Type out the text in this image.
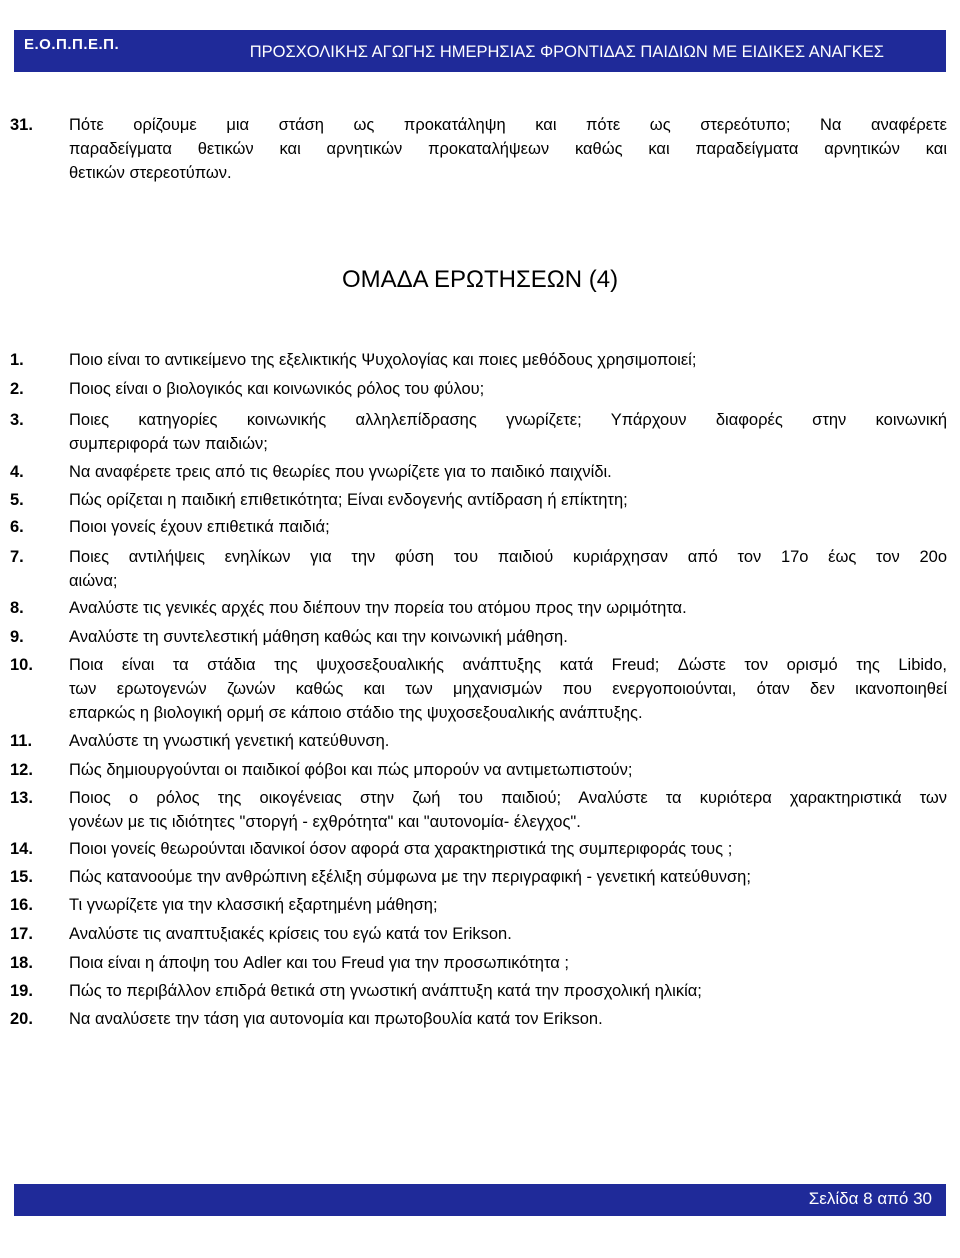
Ε.Ο.Π.Π.Ε.Π.	ΠΡΟΣΧΟΛΙΚΗΣ ΑΓΩΓΗΣ ΗΜΕΡΗΣΙΑΣ ΦΡΟΝΤΙΔΑΣ ΠΑΙΔΙΩΝ ΜΕ ΕΙΔΙΚΕΣ ΑΝΑΓΚΕΣ
31. Πότε ορίζουμε μια στάση ως προκατάληψη και πότε ως στερεότυπο; Να αναφέρετε
παραδείγματα θετικών και αρνητικών προκαταλήψεων καθώς και παραδείγματα αρνητικών και
θετικών στερεοτύπων.
ΟΜΑΔΑ ΕΡΩΤΗΣΕΩΝ (4)
1.	Ποιο είναι το αντικείμενο της εξελικτικής Ψυχολογίας και ποιες μεθόδους χρησιμοποιεί;
2.	Ποιος είναι ο βιολογικός και κοινωνικός ρόλος του φύλου;
3.	Ποιες κατηγορίες κοινωνικής αλληλεπίδρασης γνωρίζετε; Υπάρχουν διαφορές στην κοινωνική
συμπεριφορά των παιδιών;
4.	Να αναφέρετε τρεις από τις θεωρίες που γνωρίζετε για το παιδικό παιχνίδι.
5.	Πώς ορίζεται η παιδική επιθετικότητα; Είναι ενδογενής αντίδραση ή επίκτητη;
6.	Ποιοι γονείς έχουν επιθετικά παιδιά;
7.	Ποιες αντιλήψεις ενηλίκων για την φύση του παιδιού κυριάρχησαν από τον 17ο έως τον 20ο
αιώνα;
8.	Αναλύστε τις γενικές αρχές που διέπουν την πορεία του ατόμου προς την ωριμότητα.
9.	Αναλύστε τη συντελεστική μάθηση καθώς και την κοινωνική μάθηση.
10. Ποια είναι τα στάδια της ψυχοσεξουαλικής ανάπτυξης κατά Freud; Δώστε τον ορισμό της Libido,
των ερωτογενών ζωνών καθώς και των μηχανισμών που ενεργοποιούνται, όταν δεν ικανοποιηθεί
επαρκώς η βιολογική ορμή σε κάποιο στάδιο της ψυχοσεξουαλικής ανάπτυξης.
11. Αναλύστε τη γνωστική γενετική κατεύθυνση.
12. Πώς δημιουργούνται οι παιδικοί φόβοι και πώς μπορούν να αντιμετωπιστούν;
13. Ποιος ο ρόλος της οικογένειας στην ζωή του παιδιού; Αναλύστε τα κυριότερα χαρακτηριστικά των
γονέων με τις ιδιότητες "στοργή - εχθρότητα" και "αυτονομία- έλεγχος".
14. Ποιοι γονείς θεωρούνται ιδανικοί όσον αφορά στα χαρακτηριστικά της συμπεριφοράς τους ;
15. Πώς κατανοούμε την ανθρώπινη εξέλιξη σύμφωνα με την περιγραφική - γενετική κατεύθυνση;
16. Τι γνωρίζετε για την κλασσική εξαρτημένη μάθηση;
17. Αναλύστε τις αναπτυξιακές κρίσεις του εγώ κατά τον Erikson.
18. Ποια είναι η άποψη του Adler και του Freud για την προσωπικότητα ;
19. Πώς το περιβάλλον επιδρά θετικά στη γνωστική ανάπτυξη κατά την προσχολική ηλικία;
20. Να αναλύσετε την τάση για αυτονομία και πρωτοβουλία κατά τον Erikson.
Σελίδα 8 από 30
